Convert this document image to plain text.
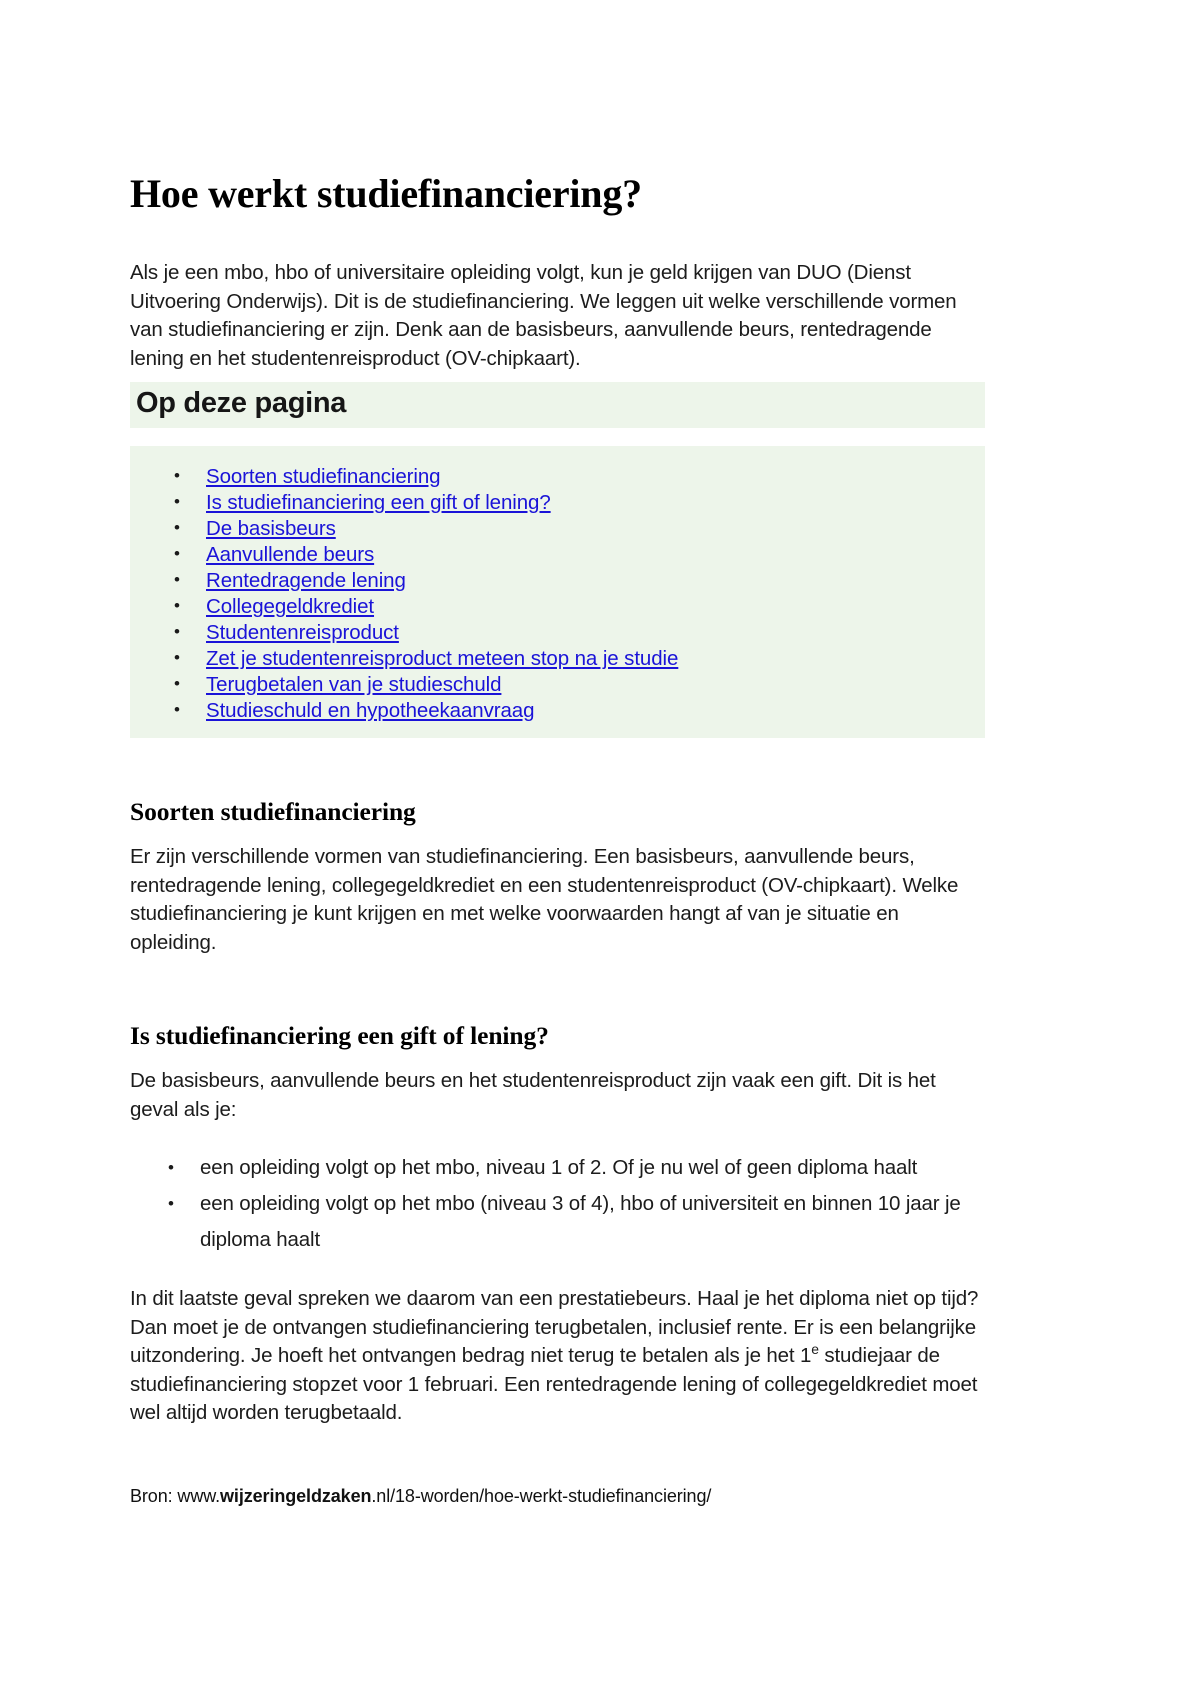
Hoe werkt studiefinanciering?

Als je een mbo, hbo of universitaire opleiding volgt, kun je geld krijgen van DUO (Dienst Uitvoering Onderwijs). Dit is de studiefinanciering. We leggen uit welke verschillende vormen van studiefinanciering er zijn. Denk aan de basisbeurs, aanvullende beurs, rentedragende lening en het studentenreisproduct (OV-chipkaart).

Op deze pagina
• Soorten studiefinanciering
• Is studiefinanciering een gift of lening?
• De basisbeurs
• Aanvullende beurs
• Rentedragende lening
• Collegegeldkrediet
• Studentenreisproduct
• Zet je studentenreisproduct meteen stop na je studie
• Terugbetalen van je studieschuld
• Studieschuld en hypotheekaanvraag
Soorten studiefinanciering

Er zijn verschillende vormen van studiefinanciering. Een basisbeurs, aanvullende beurs, rentedragende lening, collegegeldkrediet en een studentenreisproduct (OV-chipkaart). Welke studiefinanciering je kunt krijgen en met welke voorwaarden hangt af van je situatie en opleiding.

Is studiefinanciering een gift of lening?

De basisbeurs, aanvullende beurs en het studentenreisproduct zijn vaak een gift. Dit is het geval als je:

• een opleiding volgt op het mbo, niveau 1 of 2. Of je nu wel of geen diploma haalt
• een opleiding volgt op het mbo (niveau 3 of 4), hbo of universiteit en binnen 10 jaar je diploma haalt

In dit laatste geval spreken we daarom van een prestatiebeurs. Haal je het diploma niet op tijd? Dan moet je de ontvangen studiefinanciering terugbetalen, inclusief rente. Er is een belangrijke uitzondering. Je hoeft het ontvangen bedrag niet terug te betalen als je het 1e studiejaar de studiefinanciering stopzet voor 1 februari. Een rentedragende lening of collegegeldkrediet moet wel altijd worden terugbetaald.

Bron: www.wijzeringeldzaken.nl/18-worden/hoe-werkt-studiefinanciering/
